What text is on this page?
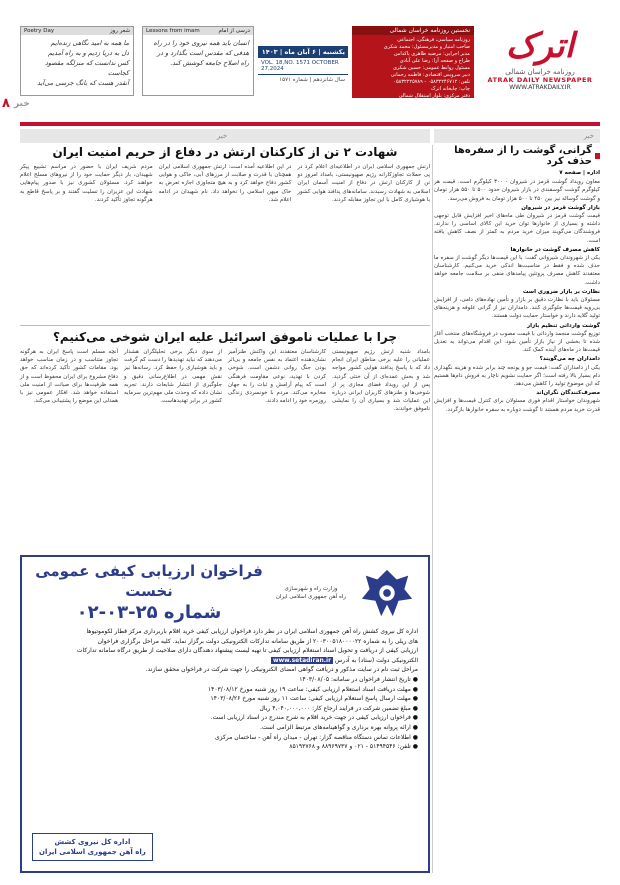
اترک
روزنامه خراسان شمالی
ATRAK DAILY NEWSPAPER
WWW.ATRAKDAILY.IR
نخستین روزنامه خراسان شمالی
روزنامه سیاسی، فرهنگی، اجتماعی
صاحب امتیاز و مدیرمسئول: محمد شکری
مدیر اجرایی: مرضیه ظاهری پاکدامن
طراح و صفحه آرا: رضا علی آبادی
مسئول روابط عمومی: حسین شکری
دبیر سرویس اقتصادی: فاطمه رحمانی
تلفن: ۰۵۸۳۲۲۴۶۷۱۲ - ۰۵۸۳۲۲۲۵۷۸۹
چاپ: چاپخانه اترک
دفتر مرکزی: بلوار استقلال شمالی
نبش پهلوان‌ها، ساختمان نیکان طبقه چهارم
یکشنبه | ۶ آبان ماه | ۱۴۰۳
VOL. 18,NO. 1571 OCTOBER 27,2024
سال شانزدهم | شماره ۱۵۷۱
درسی از امام
Lessons from imam
انسان باید همه نیروی خود را در راه هدفی که مقدس است بگذارد و در راه اصلاح جامعه کوشش کند.
شعر روز
Poetry Day
ما همه به امید نگاهی زنده‌ایم
دل به دریا زدیم و به راه آمدیم
کس ندانست که منزلگه مقصود کجاست
آنقدر هست که بانگ جرسی می‌آید
۸ خبر
خبر
خبر
گرانی، گوشت را از سفره‌ها حذف کرد
اداره | صفحه ۷
معاون رویداد گوشت قرمز در شیروان - ۳۰۰ کیلوگرم است. قیمت هر کیلوگرم گوشت گوسفندی در بازار شیروان حدود ۵۰۰ تا ۵۵۰ هزار تومان و گوشت گوساله نیز بین ۴۵۰ تا ۵۰۰ هزار تومان به فروش می‌رسد.
بازار گوشت قرمز در شیروان
قیمت گوشت قرمز در شیروان طی ماه‌های اخیر افزایش قابل توجهی داشته و بسیاری از خانوارها توان خرید این کالای اساسی را ندارند. فروشندگان می‌گویند میزان خرید مردم به کمتر از نصف کاهش یافته است.
کاهش مصرف گوشت در خانوارها
یکی از شهروندان شیروانی گفت: با این قیمت‌ها دیگر گوشت از سفره ما حذف شده و فقط در مناسبت‌ها اندکی خرید می‌کنیم. کارشناسان معتقدند کاهش مصرف پروتئین پیامدهای منفی بر سلامت جامعه خواهد داشت.
نظارت بر بازار ضروری است
مسئولان باید با نظارت دقیق بر بازار و تأمین نهاده‌های دامی، از افزایش بی‌رویه قیمت‌ها جلوگیری کنند. دامداران نیز از گرانی علوفه و هزینه‌های تولید گلایه دارند و خواستار حمایت دولت هستند.
گوشت وارداتی تنظیم بازار
توزیع گوشت منجمد وارداتی با قیمت مصوب در فروشگاه‌های منتخب آغاز شده تا بخشی از نیاز بازار تأمین شود. این اقدام می‌تواند به تعدیل قیمت‌ها در ماه‌های آینده کمک کند.
دامداران چه می‌گویند؟
یکی از دامداران گفت: قیمت جو و یونجه چند برابر شده و هزینه نگهداری دام بسیار بالا رفته است؛ اگر حمایت نشویم ناچار به فروش دام‌ها هستیم که این موضوع تولید را کاهش می‌دهد.
مصرف‌کنندگان نگران‌اند
شهروندان خواستار اقدام فوری مسئولان برای کنترل قیمت‌ها و افزایش قدرت خرید مردم هستند تا گوشت دوباره به سفره خانوارها بازگردد.
شهادت ۲ تن از کارکنان ارتش در دفاع از حریم امنیت ایران
ارتش جمهوری اسلامی ایران در اطلاعیه‌ای اعلام کرد در پی حملات تجاوزکارانه رژیم صهیونیستی، بامداد امروز دو تن از کارکنان ارتش در دفاع از امنیت آسمان ایران اسلامی به شهادت رسیدند. سامانه‌های پدافند هوایی کشور با هوشیاری کامل با این تجاوز مقابله کردند.
در این اطلاعیه آمده است: ارتش جمهوری اسلامی ایران همچنان با قدرت و صلابت از مرزهای آبی، خاکی و هوایی کشور دفاع خواهد کرد و به هیچ متجاوزی اجازه تعرض به خاک میهن اسلامی را نخواهد داد. نام شهیدان در ادامه اعلام شد.
مردم شریف ایران با حضور در مراسم تشییع پیکر شهیدان، بار دیگر حمایت خود را از نیروهای مسلح اعلام خواهند کرد. مسئولان کشوری نیز با صدور پیام‌هایی شهادت این عزیزان را تسلیت گفتند و بر پاسخ قاطع به هرگونه تجاوز تأکید کردند.
چرا با عملیات ناموفق اسرائیل علیه ایران شوخی می‌کنیم؟
بامداد شنبه ارتش رژیم صهیونیستی عملیاتی را علیه برخی مناطق ایران انجام داد که با پاسخ پدافند هوایی کشور مواجه شد و بخش عمده‌ای از آن خنثی گردید. پس از این رویداد فضای مجازی پر از شوخی‌ها و طنزهای کاربران ایرانی درباره این عملیات شد و بسیاری آن را نمایشی ناموفق خواندند.
کارشناسان معتقدند این واکنش طنزآمیز نشان‌دهنده اعتماد به نفس جامعه و بی‌اثر بودن جنگ روانی دشمن است. شوخی کردن با تهدید، نوعی مقاومت فرهنگی است که پیام آرامش و ثبات را به جهان مخابره می‌کند. مردم با خونسردی زندگی روزمره خود را ادامه دادند.
از سوی دیگر برخی تحلیلگران هشدار می‌دهند که نباید تهدیدها را دست کم گرفت و باید هوشیاری را حفظ کرد. رسانه‌ها نیز نقش مهمی در اطلاع‌رسانی دقیق و جلوگیری از انتشار شایعات دارند. تجربه نشان داده که وحدت ملی مهم‌ترین سرمایه کشور در برابر تهدیدهاست.
آنچه مسلم است پاسخ ایران به هرگونه تجاوز متناسب و در زمان مناسب خواهد بود. مقامات کشور تأکید کرده‌اند که حق دفاع مشروع برای ایران محفوظ است و از همه ظرفیت‌ها برای صیانت از امنیت ملی استفاده خواهد شد. افکار عمومی نیز با همدلی این موضع را پشتیبانی می‌کند.
وزارت راه و شهرسازی
راه آهن جمهوری اسلامی ایران
فراخوان ارزیابی کیفی عمومی نخست
شماره ۲۵-۰۳-۰۲
اداره کل نیروی کشش راه آهن جمهوری اسلامی ایران در نظر دارد فراخوان ارزیابی کیفی خرید اقلام باربرداری مرکز قطار لکوموتیوها
های ریلی را به شماره ۲۰۰۳۰۰۵۱۸۰۰۰۰۲۲ از طریق سامانه تدارکات الکترونیکی دولت برگزار نماید. کلیه مراحل برگزاری فراخوان
ارزیابی کیفی از دریافت و تحویل اسناد استعلام ارزیابی کیفی تا تهیه لیست پیشنهاد دهندگان دارای صلاحیت از طریق درگاه سامانه تدارکات
الکترونیکی دولت (ستاد) به آدرس www.setadiran.ir
مراحل ثبت نام در سایت مذکور و دریافت گواهی امضای الکترونیکی را جهت شرکت در فراخوان محقق سازند.
● تاریخ انتشار فراخوان در سامانه: ۱۴۰۳/۰۸/۰۵
● مهلت دریافت اسناد استعلام ارزیابی کیفی: ساعت ۱۹ روز شنبه مورخ ۱۴۰۳/۰۸/۱۲
● مهلت ارسال پاسخ استعلام ارزیابی کیفی: ساعت ۱۱ روز شنبه مورخ ۱۴۰۳/۰۸/۲۶
● مبلغ تضمین شرکت در فرایند ارجاع کار: ۴,۰۴۰,۰۰۰,۰۰۰ ریال
● فراخوان ارزیابی کیفی در جهت خرید اقلام به شرح مندرج در اسناد ارزیابی است.
● ارائه پروانه بهره برداری و گواهینامه‌های مرتبط الزامی است.
● اطلاعات تماس دستگاه مناقصه گزار: تهران - میدان راه آهن - ساختمان مرکزی
● تلفن: ۵۱۴۹۴۵۴۶ - ۰۲۱ و ۸۸۹۶۹۷۳۷ و ۸۵۱۹۳۷۶۸
اداره کل نیروی کشش
راه آهن جمهوری اسلامی ایران
